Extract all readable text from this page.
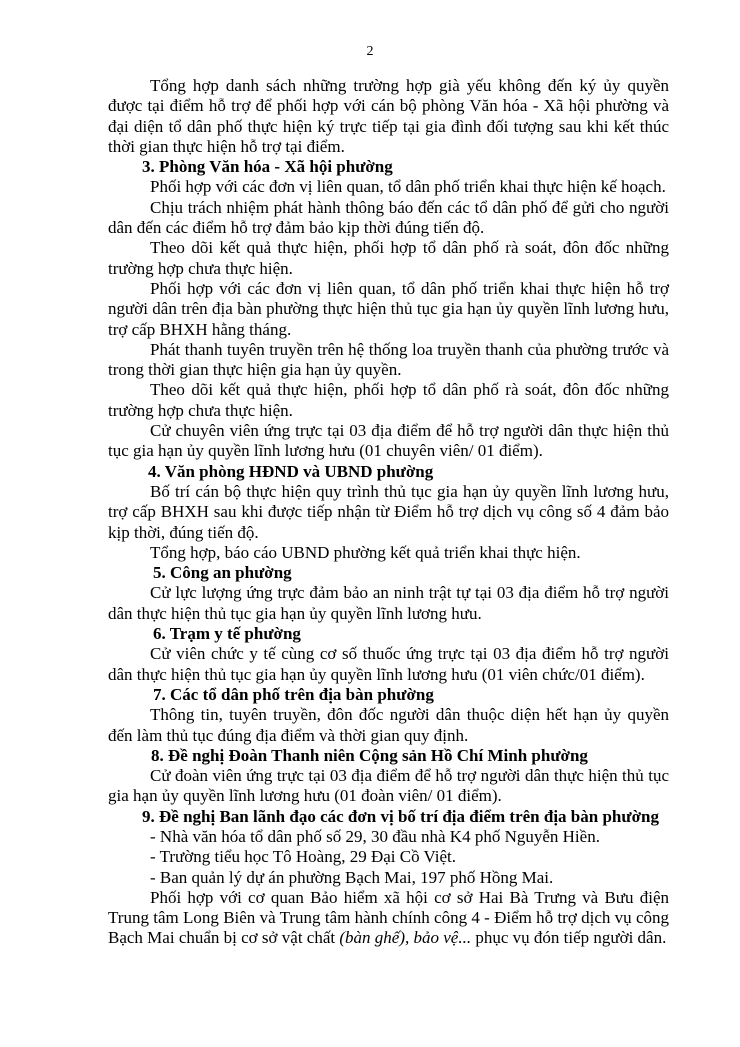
2

Tổng hợp danh sách những trường hợp già yếu không đến ký ủy quyền được tại điểm hỗ trợ để phối hợp với cán bộ phòng Văn hóa - Xã hội phường và đại diện tổ dân phố thực hiện ký trực tiếp tại gia đình đối tượng sau khi kết thúc thời gian thực hiện hỗ trợ tại điểm.

3. Phòng Văn hóa - Xã hội phường

Phối hợp với các đơn vị liên quan, tổ dân phố triển khai thực hiện kế hoạch.

Chịu trách nhiệm phát hành thông báo đến các tổ dân phố để gửi cho người dân đến các điểm hỗ trợ đảm bảo kịp thời đúng tiến độ.

Theo dõi kết quả thực hiện, phối hợp tổ dân phố rà soát, đôn đốc những trường hợp chưa thực hiện.

Phối hợp với các đơn vị liên quan, tổ dân phố triển khai thực hiện hỗ trợ người dân trên địa bàn phường thực hiện thủ tục gia hạn ủy quyền lĩnh lương hưu, trợ cấp BHXH hằng tháng.

Phát thanh tuyên truyền trên hệ thống loa truyền thanh của phường trước và trong thời gian thực hiện gia hạn ủy quyền.

Theo dõi kết quả thực hiện, phối hợp tổ dân phố rà soát, đôn đốc những trường hợp chưa thực hiện.

Cử chuyên viên ứng trực tại 03 địa điểm để hỗ trợ người dân thực hiện thủ tục gia hạn ủy quyền lĩnh lương hưu (01 chuyên viên/ 01 điểm).

4. Văn phòng HĐND và UBND phường

Bố trí cán bộ thực hiện quy trình thủ tục gia hạn ủy quyền lĩnh lương hưu, trợ cấp BHXH sau khi được tiếp nhận từ Điểm hỗ trợ dịch vụ công số 4 đảm bảo kịp thời, đúng tiến độ.

Tổng hợp, báo cáo UBND phường kết quả triển khai thực hiện.

5. Công an phường

Cử lực lượng ứng trực đảm bảo an ninh trật tự tại 03 địa điểm hỗ trợ người dân thực hiện thủ tục gia hạn ủy quyền lĩnh lương hưu.

6. Trạm y tế phường

Cử viên chức y tế cùng cơ số thuốc ứng trực tại 03 địa điểm hỗ trợ người dân thực hiện thủ tục gia hạn ủy quyền lĩnh lương hưu (01 viên chức/01 điểm).

7. Các tổ dân phố trên địa bàn phường

Thông tin, tuyên truyền, đôn đốc người dân thuộc diện hết hạn ủy quyền đến làm thủ tục đúng địa điểm và thời gian quy định.

8. Đề nghị Đoàn Thanh niên Cộng sản Hồ Chí Minh phường

Cử đoàn viên ứng trực tại 03 địa điểm để hỗ trợ người dân thực hiện thủ tục gia hạn ủy quyền lĩnh lương hưu (01 đoàn viên/ 01 điểm).

9. Đề nghị Ban lãnh đạo các đơn vị bố trí địa điểm trên địa bàn phường

- Nhà văn hóa tổ dân phố số 29, 30 đầu nhà K4 phố Nguyễn Hiền.

- Trường tiểu học Tô Hoàng, 29 Đại Cồ Việt.

- Ban quản lý dự án phường Bạch Mai, 197 phố Hồng Mai.

Phối hợp với cơ quan Bảo hiểm xã hội cơ sở Hai Bà Trưng và Bưu điện Trung tâm Long Biên và Trung tâm hành chính công 4 - Điểm hỗ trợ dịch vụ công Bạch Mai chuẩn bị cơ sở vật chất (bàn ghế), bảo vệ... phục vụ đón tiếp người dân.
